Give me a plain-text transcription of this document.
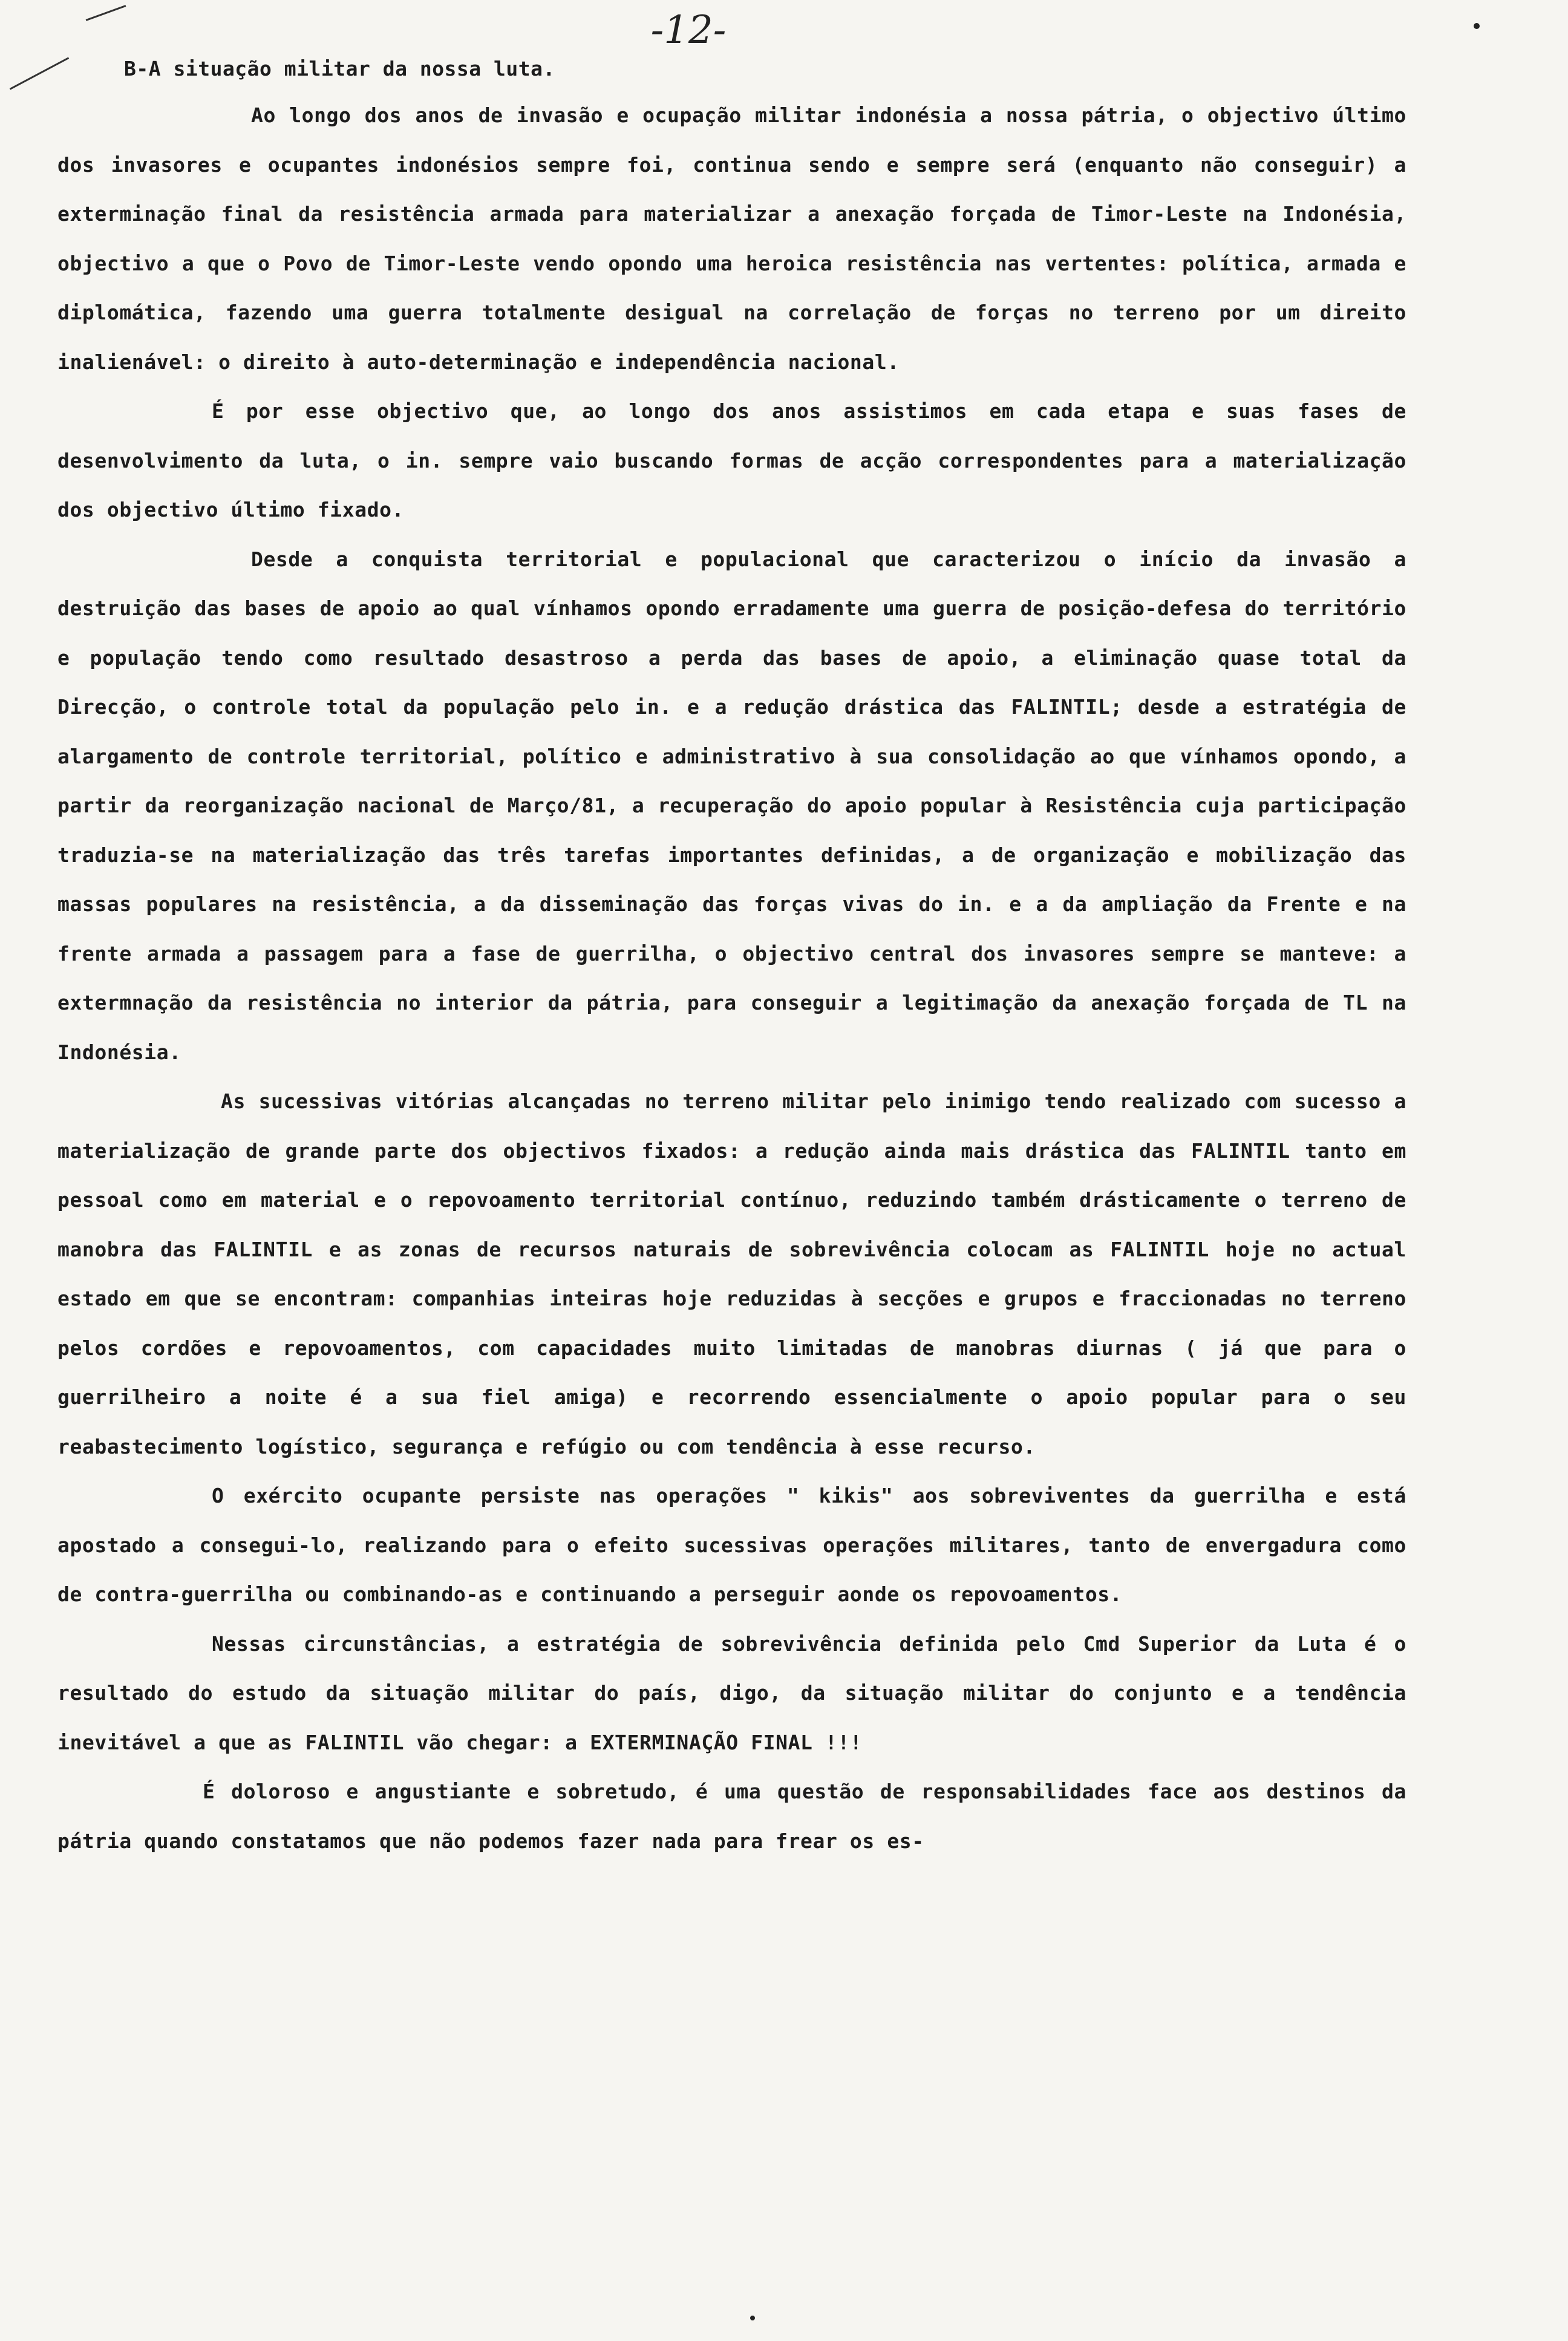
-12-
B-A situação militar da nossa luta.

Ao longo dos anos de invasão e ocupação militar indonésia a nossa pátria, o objectivo último dos invasores e ocupantes indonésios sempre foi, continua sendo e sempre será (enquanto não conseguir) a exterminação final da resistência armada para materializar a anexação forçada de Timor-Leste na Indonésia, objectivo a que o Povo de Timor-Leste vendo opondo uma heroica resistência nas vertentes: política, armada e diplomática, fazendo uma guerra totalmente desigual na correlação de forças no terreno por um direito inalienável: o direito à auto-determinação e independência nacional.

É por esse objectivo que, ao longo dos anos assistimos em cada etapa e suas fases de desenvolvimento da luta, o in. sempre vaio buscando formas de acção correspondentes para a materialização dos objectivo último fixado.

Desde a conquista territorial e populacional que caracterizou o início da invasão a destruição das bases de apoio ao qual vínhamos opondo erradamente uma guerra de posição-defesa do território e população tendo como resultado desastroso a perda das bases de apoio, a eliminação quase total da Direcção, o controle total da população pelo in. e a redução drástica das FALINTIL; desde a estratégia de alargamento de controle territorial, político e administrativo à sua consolidação ao que vínhamos opondo, a partir da reorganização nacional de Março/81, a recuperação do apoio popular à Resistência cuja participação traduzia-se na materialização das três tarefas importantes definidas, a de organização e mobilização das massas populares na resistência, a da disseminação das forças vivas do in. e a da ampliação da Frente e na frente armada a passagem para a fase de guerrilha, o objectivo central dos invasores sempre se manteve: a extermnação da resistência no interior da pátria, para conseguir a legitimação da anexação forçada de TL na Indonésia.

As sucessivas vitórias alcançadas no terreno militar pelo inimigo tendo realizado com sucesso a materialização de grande parte dos objectivos fixados: a redução ainda mais drástica das FALINTIL tanto em pessoal como em material e o repovoamento territorial contínuo, reduzindo também drásticamente o terreno de manobra das FALINTIL e as zonas de recursos naturais de sobrevivência colocam as FALINTIL hoje no actual estado em que se encontram: companhias inteiras hoje reduzidas à secções e grupos e fraccionadas no terreno pelos cordões e repovoamentos, com capacidades muito limitadas de manobras diurnas ( já que para o guerrilheiro a noite é a sua fiel amiga) e recorrendo essencialmente o apoio popular para o seu reabastecimento logístico, segurança e refúgio ou com tendência à esse recurso.

O exército ocupante persiste nas operações " kikis" aos sobreviventes da guerrilha e está apostado a consegui-lo, realizando para o efeito sucessivas operações militares, tanto de envergadura como de contra-guerrilha ou combinando-as e continuando a perseguir aonde os repovoamentos.

Nessas circunstâncias, a estratégia de sobrevivência definida pelo Cmd Superior da Luta é o resultado do estudo da situação militar do país, digo, da situação militar do conjunto e a tendência inevitável a que as FALINTIL vão chegar: a EXTERMINAÇÃO FINAL !!!

É doloroso e angustiante e sobretudo, é uma questão de responsabilidades face aos destinos da pátria quando constatamos que não podemos fazer nada para frear os es-
